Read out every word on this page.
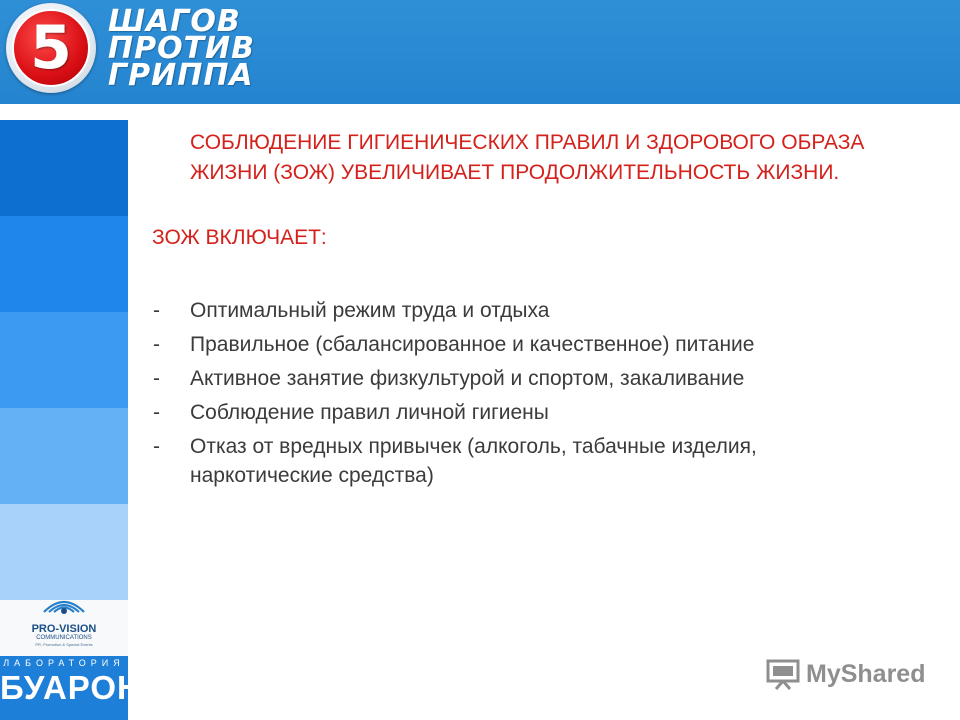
5	ШАГОВ
ПРОТИВ
ГРИППА
PRO-VISION
COMMUNICATIONS
PR, Promotion & Special Events
ЛАБОРАТОРИЯ
БУАРОН
СОБЛЮДЕНИЕ ГИГИЕНИЧЕСКИХ ПРАВИЛ И ЗДОРОВОГО ОБРАЗА ЖИЗНИ (ЗОЖ) УВЕЛИЧИВАЕТ ПРОДОЛЖИТЕЛЬНОСТЬ ЖИЗНИ.
ЗОЖ ВКЛЮЧАЕТ:
- Оптимальный режим труда и отдыха
- Правильное (сбалансированное и качественное) питание
- Активное занятие физкультурой и спортом, закаливание
- Соблюдение правил личной гигиены
- Отказ от вредных привычек (алкоголь, табачные изделия, наркотические средства)
MyShared
